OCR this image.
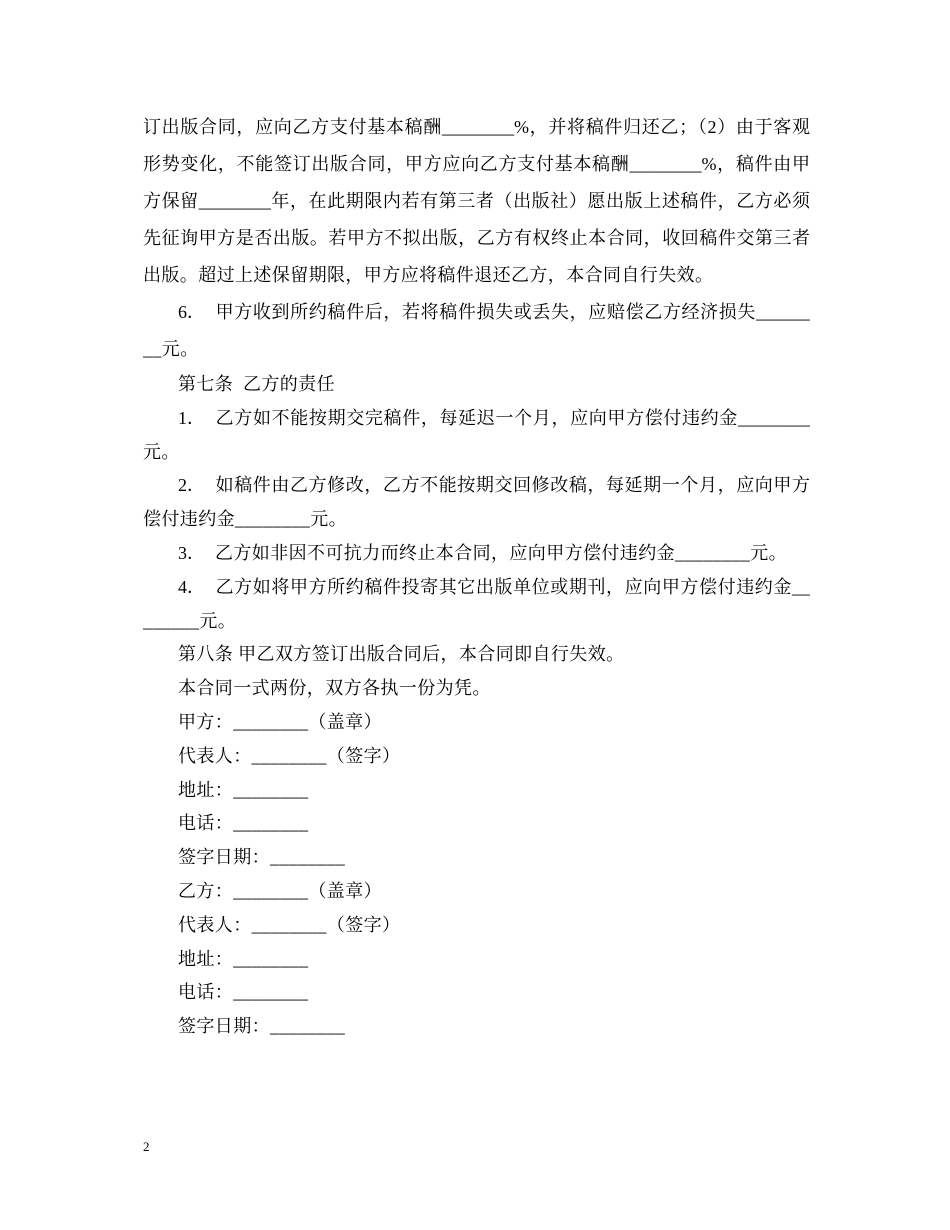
订出版合同，应向乙方支付基本稿酬________%，并将稿件归还乙；（2）由于客观
形势变化，不能签订出版合同，甲方应向乙方支付基本稿酬________%，稿件由甲
方保留________年，在此期限内若有第三者（出版社）愿出版上述稿件，乙方必须
先征询甲方是否出版。若甲方不拟出版，乙方有权终止本合同，收回稿件交第三者
出版。超过上述保留期限，甲方应将稿件退还乙方，本合同自行失效。
6． 甲方收到所约稿件后，若将稿件损失或丢失，应赔偿乙方经济损失______
__元。
第七条  乙方的责任
1． 乙方如不能按期交完稿件，每延迟一个月，应向甲方偿付违约金________
元。
2． 如稿件由乙方修改，乙方不能按期交回修改稿，每延期一个月，应向甲方
偿付违约金________元。
3． 乙方如非因不可抗力而终止本合同，应向甲方偿付违约金________元。
4． 乙方如将甲方所约稿件投寄其它出版单位或期刊，应向甲方偿付违约金__
______元。
第八条 甲乙双方签订出版合同后，本合同即自行失效。
本合同一式两份，双方各执一份为凭。
甲方：________（盖章）
代表人：________（签字）
地址：________
电话：________
签字日期：________
乙方：________（盖章）
代表人：________（签字）
地址：________
电话：________
签字日期：________
2
